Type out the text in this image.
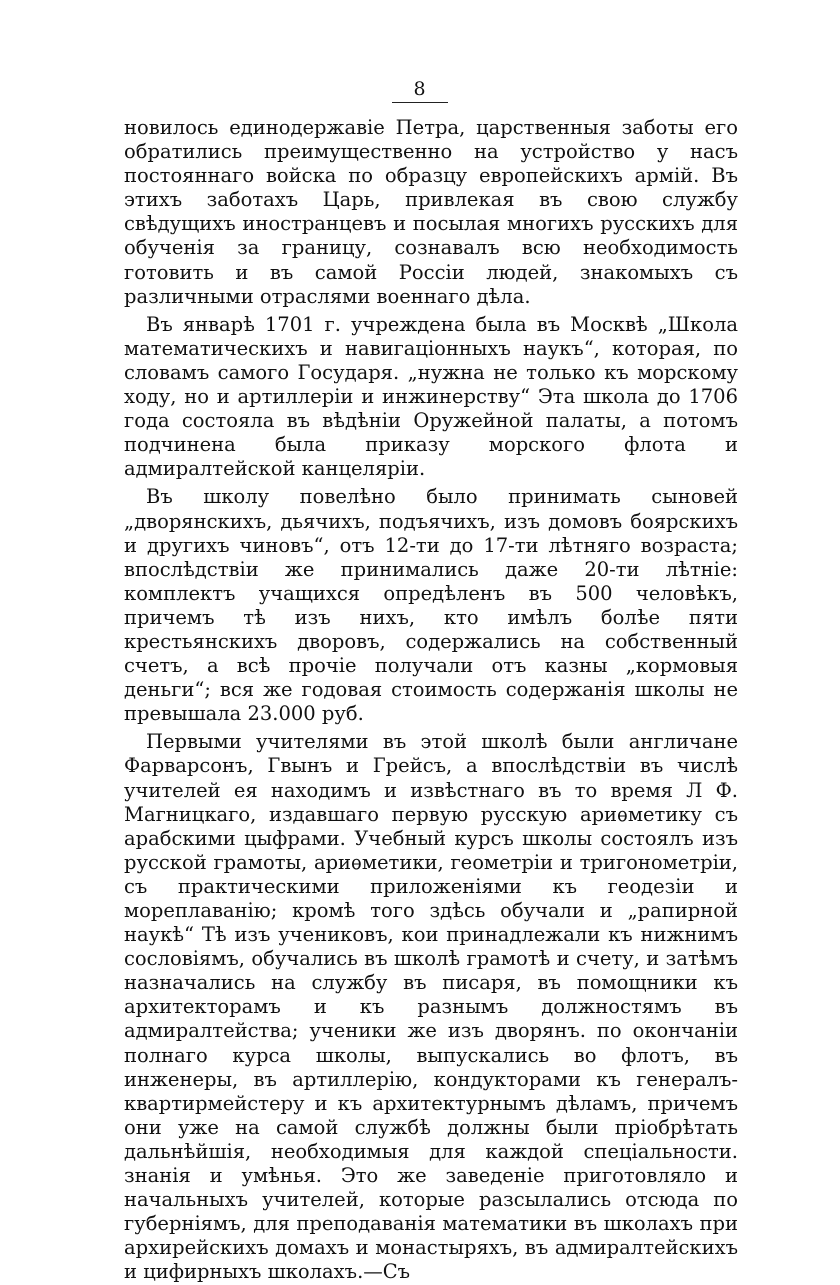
8

новилось единодержавіе Петра, царственныя заботы его обратились преимущественно на устройство у насъ постояннаго войска по образцу европейскихъ армій. Въ этихъ заботахъ Царь, привлекая въ свою службу свѣдущихъ иностранцевъ и посылая многихъ русскихъ для обученія за границу, сознавалъ всю необходимость готовить и въ самой Россіи людей, знакомыхъ съ различными отраслями военнаго дѣла.

Въ январѣ 1701 г. учреждена была въ Москвѣ „Школа математическихъ и навигаціонныхъ наукъ“, которая, по словамъ самого Государя. „нужна не только къ морскому ходу, но и артиллеріи и инжинерству“ Эта школа до 1706 года состояла въ вѣдѣніи Оружейной палаты, а потомъ подчинена была приказу морского флота и адмиралтейской канцеляріи.

Въ школу повелѣно было принимать сыновей „дворянскихъ, дьячихъ, подъячихъ, изъ домовъ боярскихъ и другихъ чиновъ“, отъ 12-ти до 17-ти лѣтняго возраста; впослѣдствіи же принимались даже 20-ти лѣтніе: комплектъ учащихся опредѣленъ въ 500 человѣкъ, причемъ тѣ изъ нихъ, кто имѣлъ болѣе пяти крестьянскихъ дворовъ, содержались на собственный счетъ, а всѣ прочіе получали отъ казны „кормовыя деньги“; вся же годовая стоимость содержанія школы не превышала 23.000 руб.

Первыми учителями въ этой школѣ были англичане Фарварсонъ, Гвынъ и Грейсъ, а впослѣдствіи въ числѣ учителей ея находимъ и извѣстнаго въ то время Л Ф. Магницкаго, издавшаго первую русскую ариѳметику съ арабскими цыфрами. Учебный курсъ школы состоялъ изъ русской грамоты, ариѳметики, геометріи и тригонометріи, съ практическими приложеніями къ геодезіи и мореплаванію; кромѣ того здѣсь обучали и „рапирной наукѣ“ Тѣ изъ учениковъ, кои принадлежали къ нижнимъ сословіямъ, обучались въ школѣ грамотѣ и счету, и затѣмъ назначались на службу въ писаря, въ помощники къ архитекторамъ и къ разнымъ должностямъ въ адмиралтейства; ученики же изъ дворянъ. по окончаніи полнаго курса школы, выпускались во флотъ, въ инженеры, въ артиллерію, кондукторами къ генералъ-квартирмейстеру и къ архитектурнымъ дѣламъ, причемъ они уже на самой службѣ должны были пріобрѣтать дальнѣйшія, необходимыя для каждой спеціальности. знанія и умѣнья. Это же заведеніе приготовляло и начальныхъ учителей, которые разсылались отсюда по губерніямъ, для преподаванія математики въ школахъ при архирейскихъ домахъ и монастыряхъ, въ адмиралтейскихъ и цифирныхъ школахъ.—Съ
